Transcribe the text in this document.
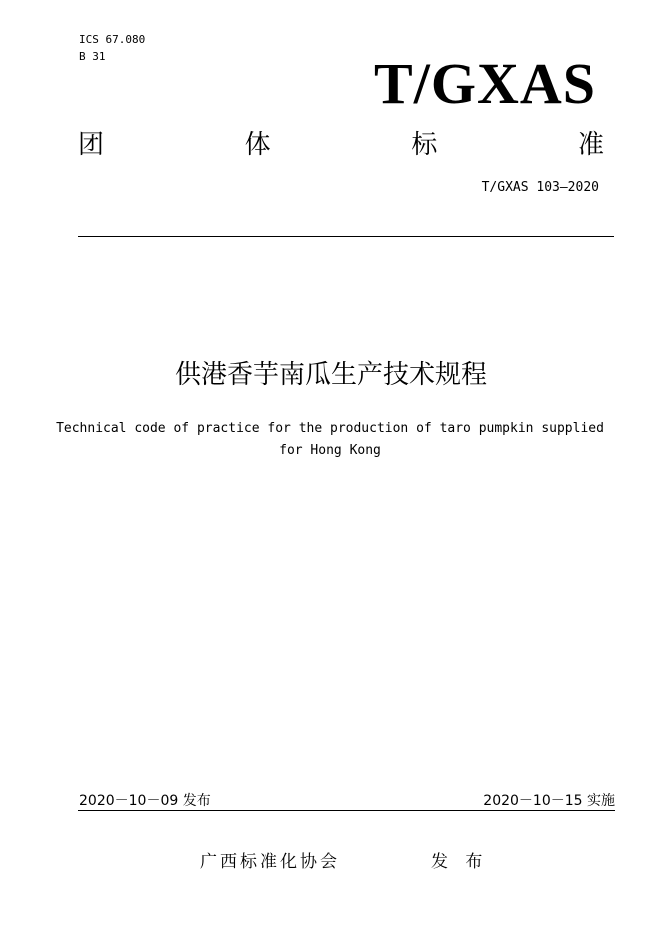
ICS 67.080
B 31	T/GXAS
团	体	标	准
T/GXAS 103—2020
供港香芋南瓜生产技术规程
Technical code of practice for the production of taro pumpkin supplied for Hong Kong
2020－10－09 发布	2020－10－15 实施
广西标准化协会	发 布
